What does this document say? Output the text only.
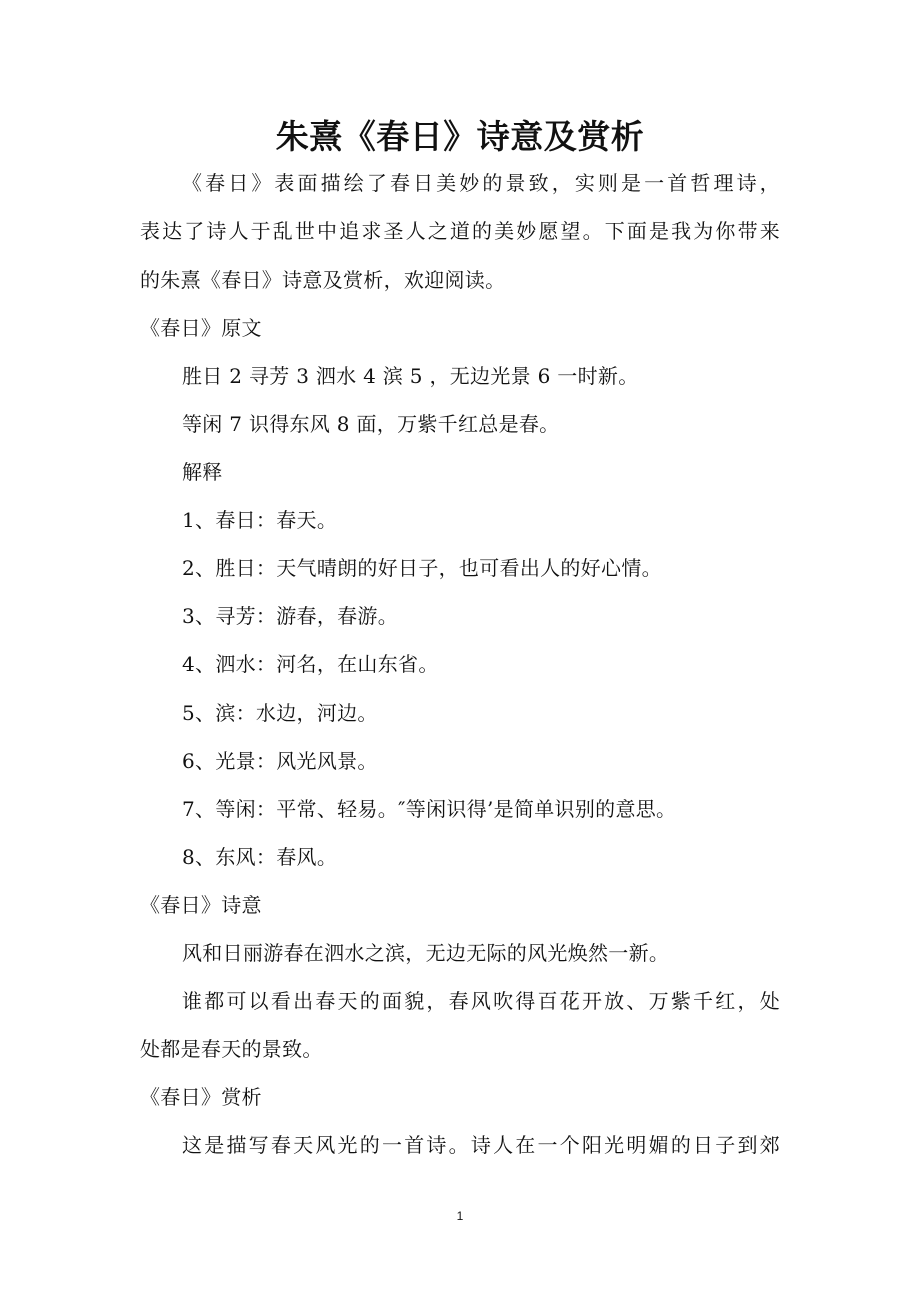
朱熹《春日》诗意及赏析

《春日》表面描绘了春日美妙的景致，实则是一首哲理诗，

表达了诗人于乱世中追求圣人之道的美妙愿望。下面是我为你带来

的朱熹《春日》诗意及赏析，欢迎阅读。

《春日》原文

胜日 2 寻芳 3 泗水 4 滨 5 ，无边光景 6 一时新。

等闲 7 识得东风 8 面，万紫千红总是春。

解释

1、春日：春天。

2、胜日：天气晴朗的好日子，也可看出人的好心情。

3、寻芳：游春，春游。

4、泗水：河名，在山东省。

5、滨：水边，河边。

6、光景：风光风景。

7、等闲：平常、轻易。″等闲识得’是简单识别的意思。

8、东风：春风。

《春日》诗意

风和日丽游春在泗水之滨，无边无际的风光焕然一新。

谁都可以看出春天的面貌，春风吹得百花开放、万紫千红，处

处都是春天的景致。

《春日》赏析

这是描写春天风光的一首诗。诗人在一个阳光明媚的日子到郊

1
